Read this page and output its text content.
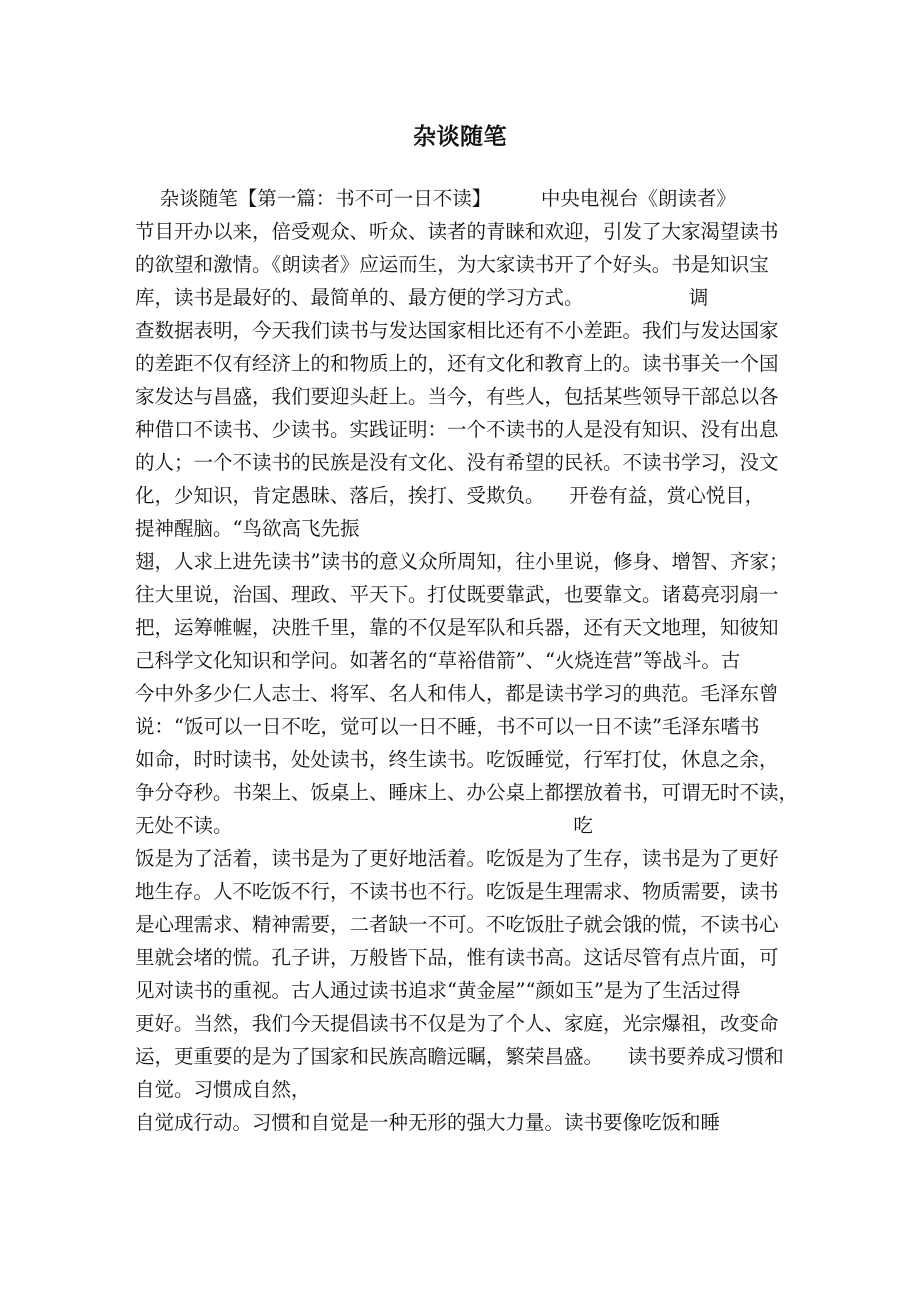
杂谈随笔
杂谈随笔【第一篇：书不可一日不读】        中央电视台《朗读者》
节目开办以来，倍受观众、听众、读者的青睐和欢迎，引发了大家渴望读书
的欲望和激情。《朗读者》应运而生，为大家读书开了个好头。书是知识宝
库，读书是最好的、最简单的、最方便的学习方式。                 调
查数据表明，今天我们读书与发达国家相比还有不小差距。我们与发达国家
的差距不仅有经济上的和物质上的，还有文化和教育上的。读书事关一个国
家发达与昌盛，我们要迎头赶上。当今，有些人，包括某些领导干部总以各
种借口不读书、少读书。实践证明：一个不读书的人是没有知识、没有出息
的人；一个不读书的民族是没有文化、没有希望的民袄。不读书学习，没文
化，少知识，肯定愚昧、落后，挨打、受欺负。    开卷有益，赏心悦目，
提神醒脑。“鸟欲高飞先振
翅，人求上进先读书”读书的意义众所周知，往小里说，修身、增智、齐家；
往大里说，治国、理政、平天下。打仗既要靠武，也要靠文。诸葛亮羽扇一
把，运筹帷幄，决胜千里，靠的不仅是军队和兵器，还有天文地理，知彼知
己科学文化知识和学问。如著名的“草裕借箭”、“火烧连营”等战斗。古
今中外多少仁人志士、将军、名人和伟人，都是读书学习的典范。毛泽东曾
说：“饭可以一日不吃，觉可以一日不睡，书不可以一日不读”毛泽东嗜书
如命，时时读书，处处读书，终生读书。吃饭睡觉，行军打仗，休息之余，
争分夺秒。书架上、饭桌上、睡床上、办公桌上都摆放着书，可谓无时不读，
无处不读。                                                       吃
饭是为了活着，读书是为了更好地活着。吃饭是为了生存，读书是为了更好
地生存。人不吃饭不行，不读书也不行。吃饭是生理需求、物质需要，读书
是心理需求、精神需要，二者缺一不可。不吃饭肚子就会饿的慌，不读书心
里就会堵的慌。孔子讲，万般皆下品，惟有读书高。这话尽管有点片面，可
见对读书的重视。古人通过读书追求“黄金屋”“颜如玉”是为了生活过得
更好。当然，我们今天提倡读书不仅是为了个人、家庭，光宗爆祖，改变命
运，更重要的是为了国家和民族高瞻远瞩，繁荣昌盛。    读书要养成习惯和
自觉。习惯成自然，
自觉成行动。习惯和自觉是一种无形的强大力量。读书要像吃饭和睡
